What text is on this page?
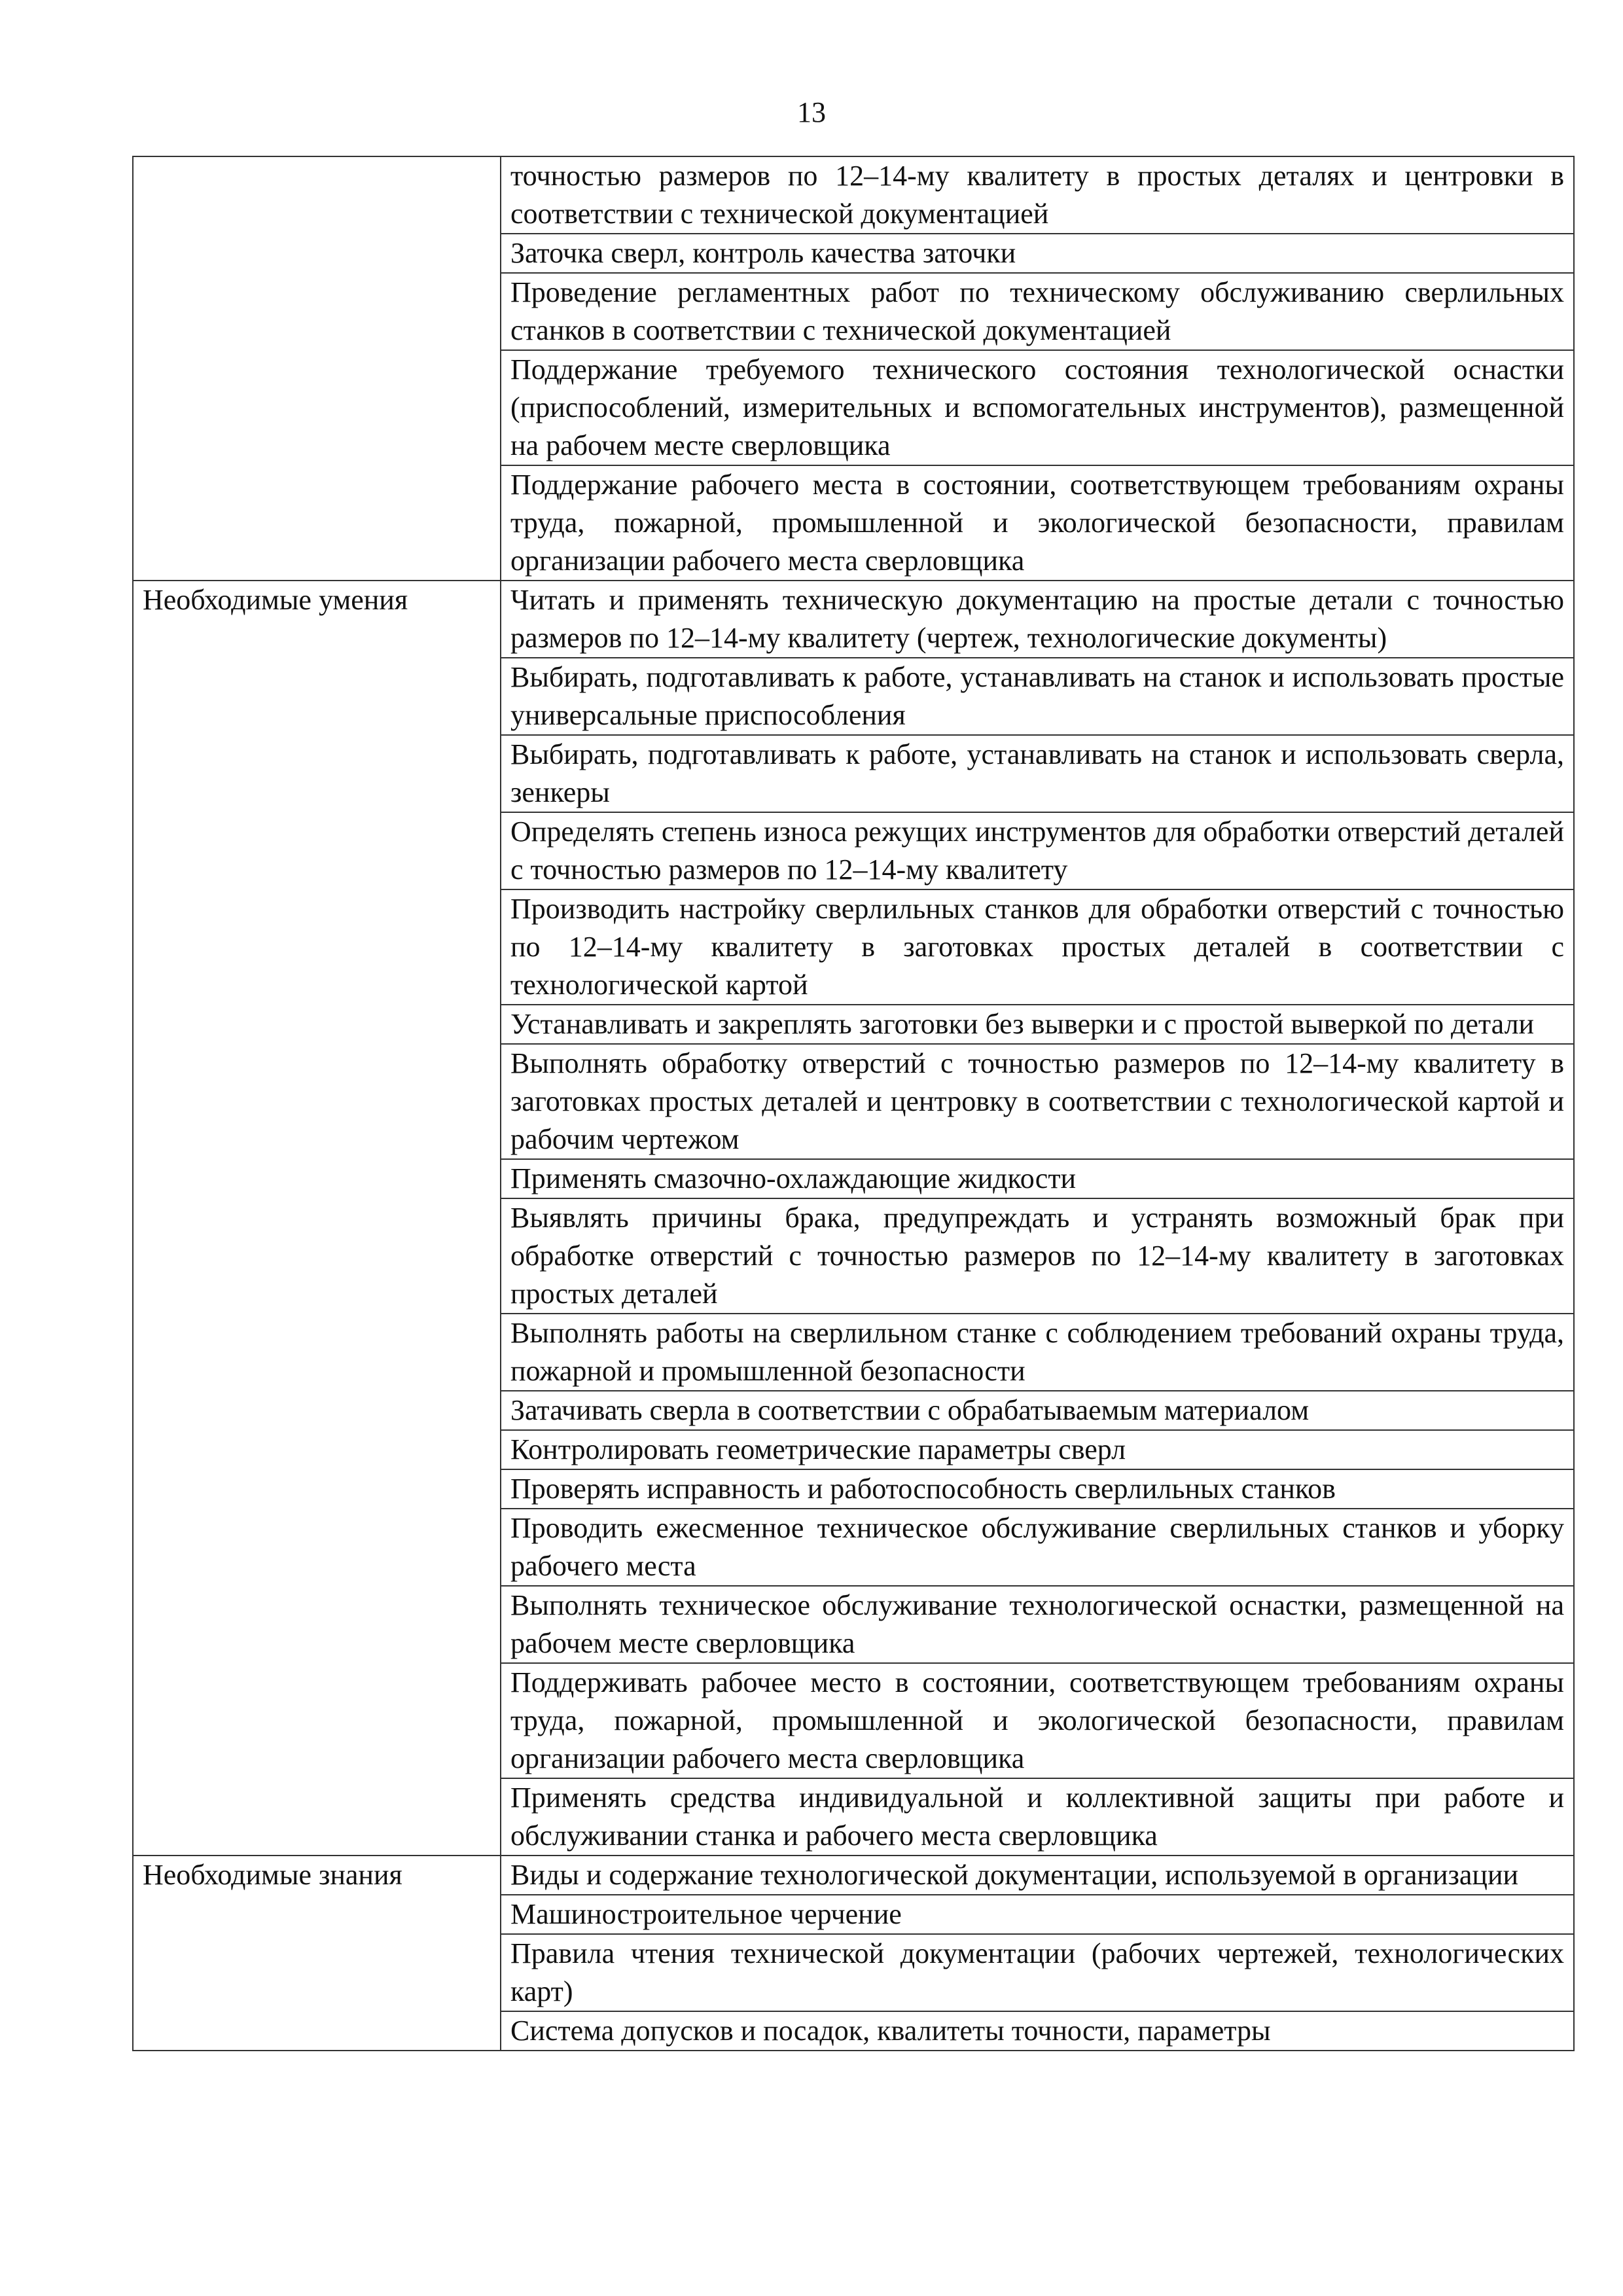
13
точностью размеров по 12–14-му квалитету в простых деталях и центровки в соответствии с технической документацией
Заточка сверл, контроль качества заточки
Проведение регламентных работ по техническому обслуживанию сверлильных станков в соответствии с технической документацией
Поддержание требуемого технического состояния технологической оснастки (приспособлений, измерительных и вспомогательных инструментов), размещенной на рабочем месте сверловщика
Поддержание рабочего места в состоянии, соответствующем требованиям охраны труда, пожарной, промышленной и экологической безопасности, правилам организации рабочего места сверловщика
Необходимые умения	Читать и применять техническую документацию на простые детали с точностью размеров по 12–14-му квалитету (чертеж, технологические документы)
Выбирать, подготавливать к работе, устанавливать на станок и использовать простые универсальные приспособления
Выбирать, подготавливать к работе, устанавливать на станок и использовать сверла, зенкеры
Определять степень износа режущих инструментов для обработки отверстий деталей с точностью размеров по 12–14-му квалитету
Производить настройку сверлильных станков для обработки отверстий с точностью по 12–14-му квалитету в заготовках простых деталей в соответствии с технологической картой
Устанавливать и закреплять заготовки без выверки и с простой выверкой по детали
Выполнять обработку отверстий с точностью размеров по 12–14-му квалитету в заготовках простых деталей и центровку в соответствии с технологической картой и рабочим чертежом
Применять смазочно-охлаждающие жидкости
Выявлять причины брака, предупреждать и устранять возможный брак при обработке отверстий с точностью размеров по 12–14-му квалитету в заготовках простых деталей
Выполнять работы на сверлильном станке с соблюдением требований охраны труда, пожарной и промышленной безопасности
Затачивать сверла в соответствии с обрабатываемым материалом
Контролировать геометрические параметры сверл
Проверять исправность и работоспособность сверлильных станков
Проводить ежесменное техническое обслуживание сверлильных станков и уборку рабочего места
Выполнять техническое обслуживание технологической оснастки, размещенной на рабочем месте сверловщика
Поддерживать рабочее место в состоянии, соответствующем требованиям охраны труда, пожарной, промышленной и экологической безопасности, правилам организации рабочего места сверловщика
Применять средства индивидуальной и коллективной защиты при работе и обслуживании станка и рабочего места сверловщика
Необходимые знания	Виды и содержание технологической документации, используемой в организации
Машиностроительное черчение
Правила чтения технической документации (рабочих чертежей, технологических карт)
Система допусков и посадок, квалитеты точности, параметры
